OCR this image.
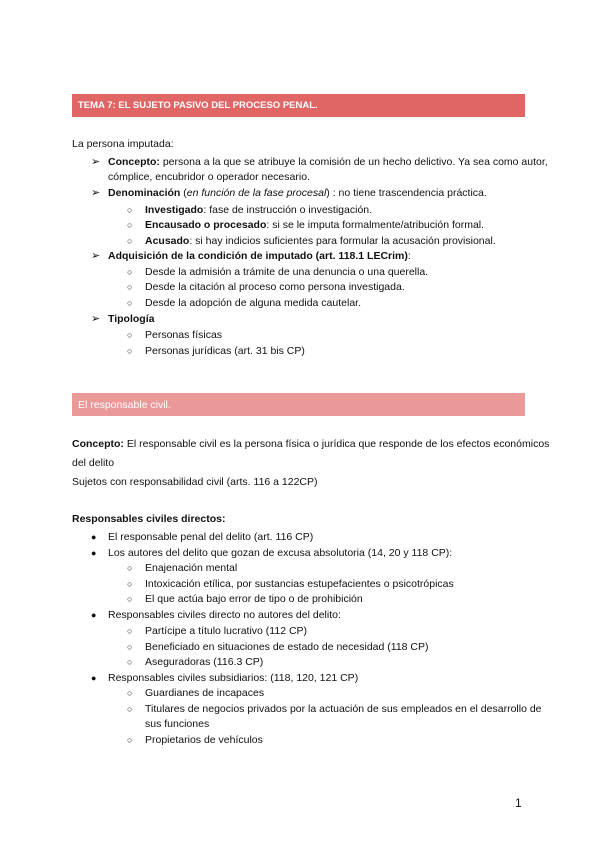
TEMA 7: EL SUJETO PASIVO DEL PROCESO PENAL.
La persona imputada:
➢ Concepto: persona a la que se atribuye la comisión de un hecho delictivo. Ya sea como autor,
cómplice, encubridor o operador necesario.
➢ Denominación (en función de la fase procesal) : no tiene trascendencia práctica.
○ Investigado: fase de instrucción o investigación.
○ Encausado o procesado: si se le imputa formalmente/atribución formal.
○ Acusado: si hay indicios suficientes para formular la acusación provisional.
➢ Adquisición de la condición de imputado (art. 118.1 LECrim):
○ Desde la admisión a trámite de una denuncia o una querella.
○ Desde la citación al proceso como persona investigada.
○ Desde la adopción de alguna medida cautelar.
➢ Tipología
○ Personas físicas
○ Personas jurídicas (art. 31 bis CP)
El responsable civil.
Concepto: El responsable civil es la persona física o jurídica que responde de los efectos económicos
del delito
Sujetos con responsabilidad civil (arts. 116 a 122CP)
Responsables civiles directos:
● El responsable penal del delito (art. 116 CP)
● Los autores del delito que gozan de excusa absolutoria (14, 20 y 118 CP):
○ Enajenación mental
○ Intoxicación etílica, por sustancias estupefacientes o psicotrópicas
○ El que actúa bajo error de tipo o de prohibición
● Responsables civiles directo no autores del delito:
○ Partícipe a título lucrativo (112 CP)
○ Beneficiado en situaciones de estado de necesidad (118 CP)
○ Aseguradoras (116.3 CP)
● Responsables civiles subsidiarios: (118, 120, 121 CP)
○ Guardianes de incapaces
○ Titulares de negocios privados por la actuación de sus empleados en el desarrollo de
sus funciones
○ Propietarios de vehículos
1
